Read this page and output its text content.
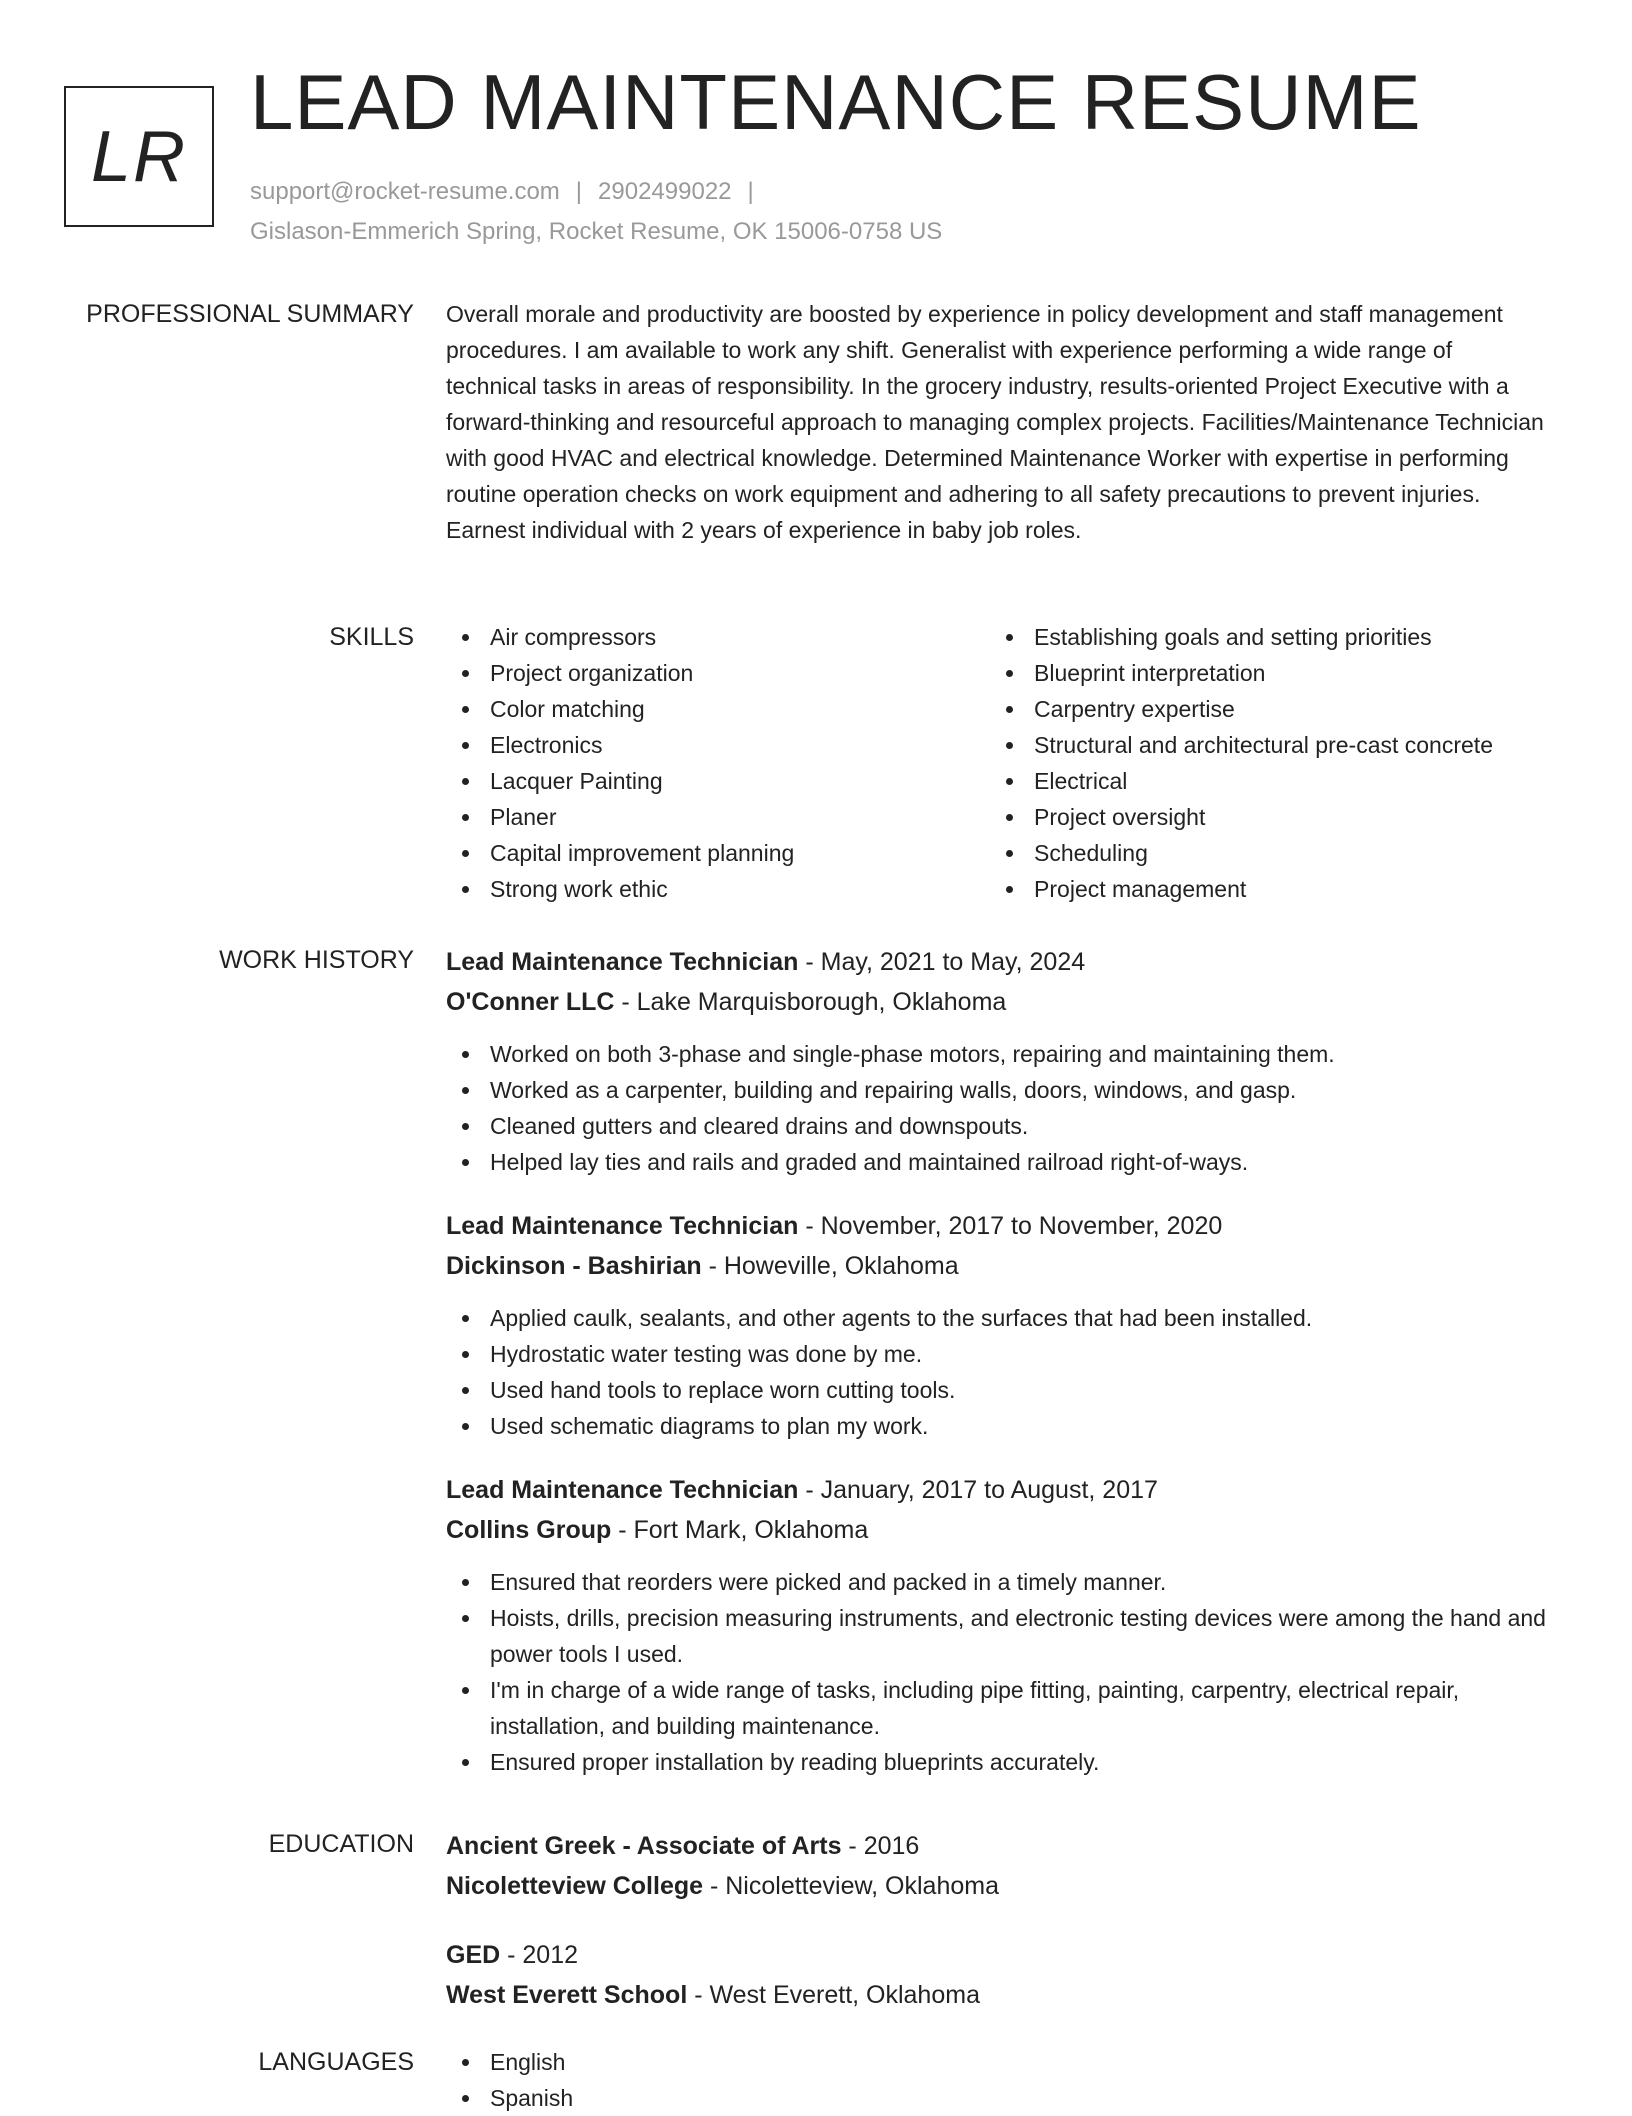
LR
LEAD MAINTENANCE RESUME
support@rocket-resume.com | 2902499022 |
Gislason-Emmerich Spring, Rocket Resume, OK 15006-0758 US
PROFESSIONAL SUMMARY Overall morale and productivity are boosted by experience in policy development and staff management procedures. I am available to work any shift. Generalist with experience performing a wide range of technical tasks in areas of responsibility. In the grocery industry, results-oriented Project Executive with a forward-thinking and resourceful approach to managing complex projects. Facilities/Maintenance Technician with good HVAC and electrical knowledge. Determined Maintenance Worker with expertise in performing routine operation checks on work equipment and adhering to all safety precautions to prevent injuries. Earnest individual with 2 years of experience in baby job roles.

SKILLS	Air compressors
Project organization
Color matching
Electronics
Lacquer Painting
Planer
Capital improvement planning
Strong work ethic
Establishing goals and setting priorities
Blueprint interpretation
Carpentry expertise
Structural and architectural pre-cast concrete
Electrical
Project oversight
Scheduling
Project management
WORK HISTORY Lead Maintenance Technician - May, 2021 to May, 2024
O'Conner LLC - Lake Marquisborough, Oklahoma
Worked on both 3-phase and single-phase motors, repairing and maintaining them.
Worked as a carpenter, building and repairing walls, doors, windows, and gasp.
Cleaned gutters and cleared drains and downspouts.
Helped lay ties and rails and graded and maintained railroad right-of-ways.
Lead Maintenance Technician - November, 2017 to November, 2020
Dickinson - Bashirian - Howeville, Oklahoma
Applied caulk, sealants, and other agents to the surfaces that had been installed.
Hydrostatic water testing was done by me.
Used hand tools to replace worn cutting tools.
Used schematic diagrams to plan my work.
Lead Maintenance Technician - January, 2017 to August, 2017
Collins Group - Fort Mark, Oklahoma
Ensured that reorders were picked and packed in a timely manner.
Hoists, drills, precision measuring instruments, and electronic testing devices were among the hand and power tools I used.
I'm in charge of a wide range of tasks, including pipe fitting, painting, carpentry, electrical repair, installation, and building maintenance.
Ensured proper installation by reading blueprints accurately.
EDUCATION Ancient Greek - Associate of Arts - 2016
Nicoletteview College - Nicoletteview, Oklahoma
GED - 2012
West Everett School - West Everett, Oklahoma
LANGUAGES	English
Spanish
